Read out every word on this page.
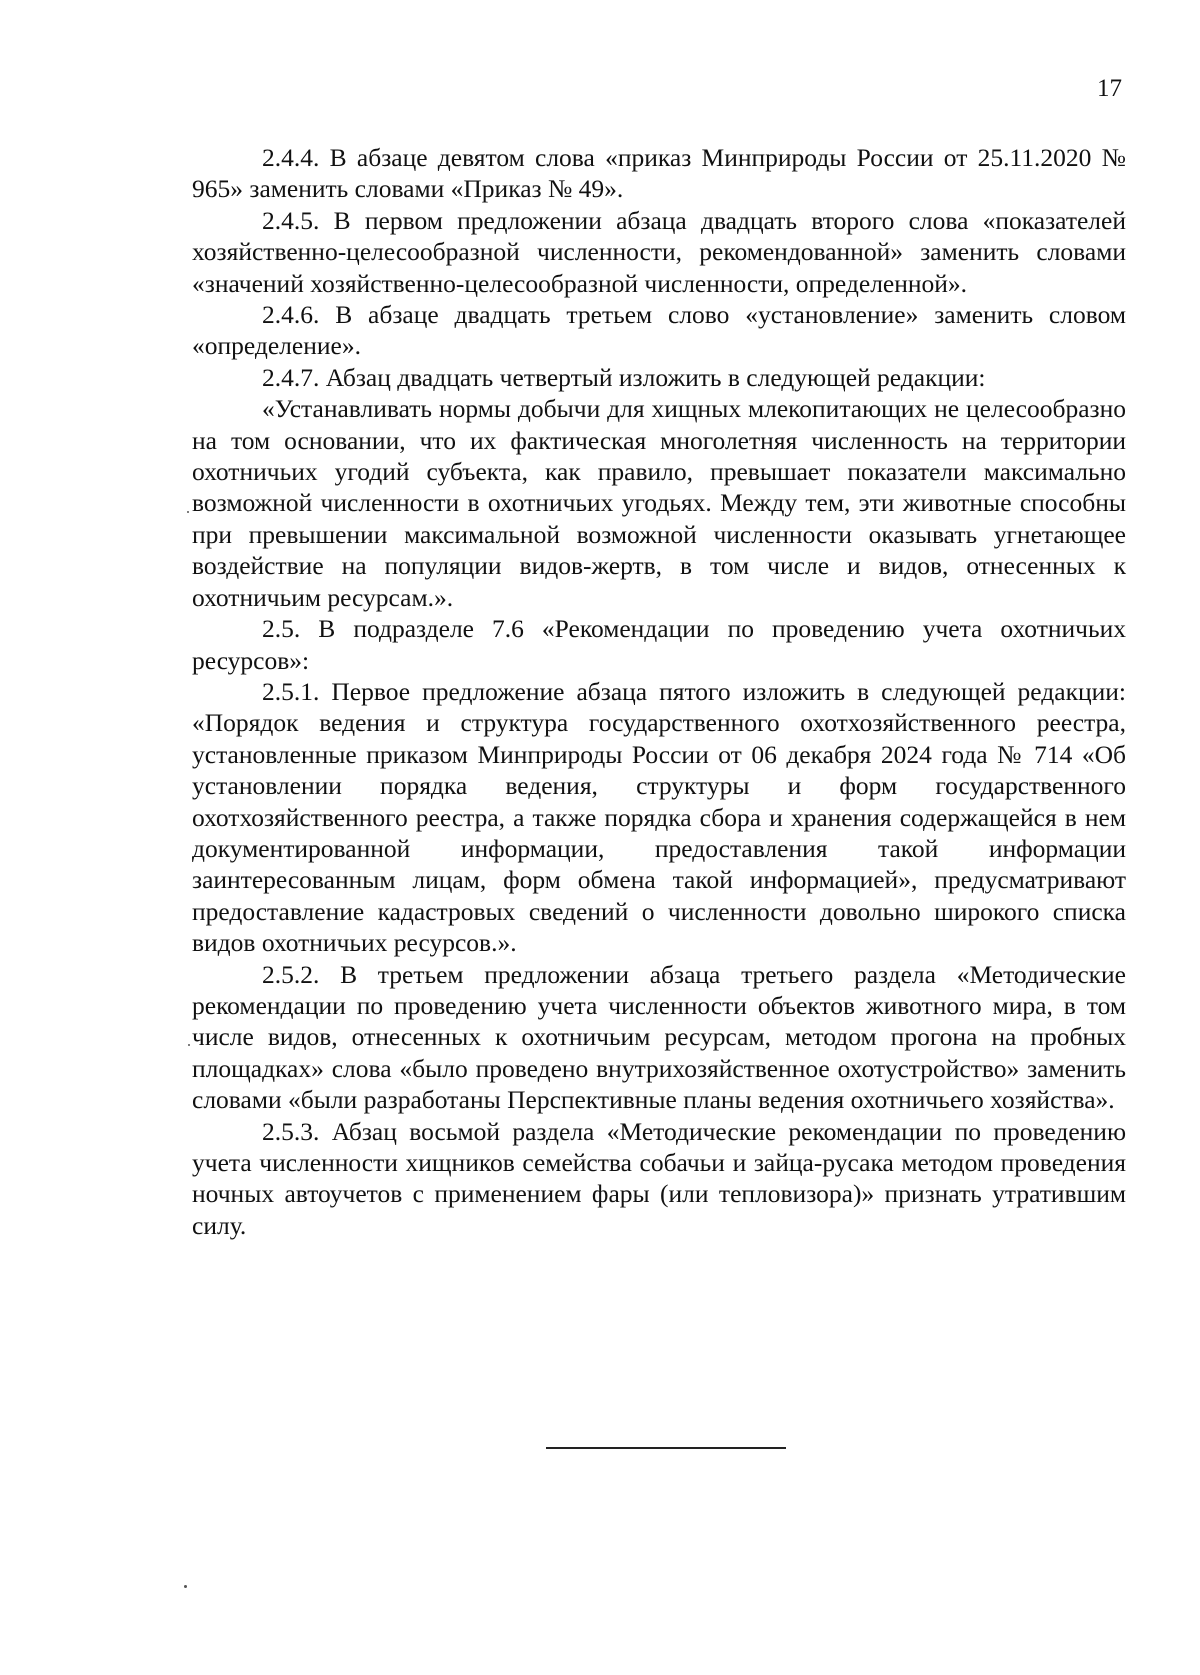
17

2.4.4. В абзаце девятом слова «приказ Минприроды России от 25.11.2020 № 965» заменить словами «Приказ № 49».

2.4.5. В первом предложении абзаца двадцать второго слова «показателей хозяйственно-целесообразной численности, рекомендованной» заменить словами «значений хозяйственно-целесообразной численности, определенной».

2.4.6. В абзаце двадцать третьем слово «установление» заменить словом «определение».

2.4.7. Абзац двадцать четвертый изложить в следующей редакции:

«Устанавливать нормы добычи для хищных млекопитающих не целесообразно на том основании, что их фактическая многолетняя численность на территории охотничьих угодий субъекта, как правило, превышает показатели максимально возможной численности в охотничьих угодьях. Между тем, эти животные способны при превышении максимальной возможной численности оказывать угнетающее воздействие на популяции видов-жертв, в том числе и видов, отнесенных к охотничьим ресурсам.».

2.5. В подразделе 7.6 «Рекомендации по проведению учета охотничьих ресурсов»:

2.5.1. Первое предложение абзаца пятого изложить в следующей редакции: «Порядок ведения и структура государственного охотхозяйственного реестра, установленные приказом Минприроды России от 06 декабря 2024 года № 714 «Об установлении порядка ведения, структуры и форм государственного охотхозяйственного реестра, а также порядка сбора и хранения содержащейся в нем документированной информации, предоставления такой информации заинтересованным лицам, форм обмена такой информацией», предусматривают предоставление кадастровых сведений о численности довольно широкого списка видов охотничьих ресурсов.».

2.5.2. В третьем предложении абзаца третьего раздела «Методические рекомендации по проведению учета численности объектов животного мира, в том числе видов, отнесенных к охотничьим ресурсам, методом прогона на пробных площадках» слова «было проведено внутрихозяйственное охотустройство» заменить словами «были разработаны Перспективные планы ведения охотничьего хозяйства».

2.5.3. Абзац восьмой раздела «Методические рекомендации по проведению учета численности хищников семейства собачьи и зайца-русака методом проведения ночных автоучетов с применением фары (или тепловизора)» признать утратившим силу.
